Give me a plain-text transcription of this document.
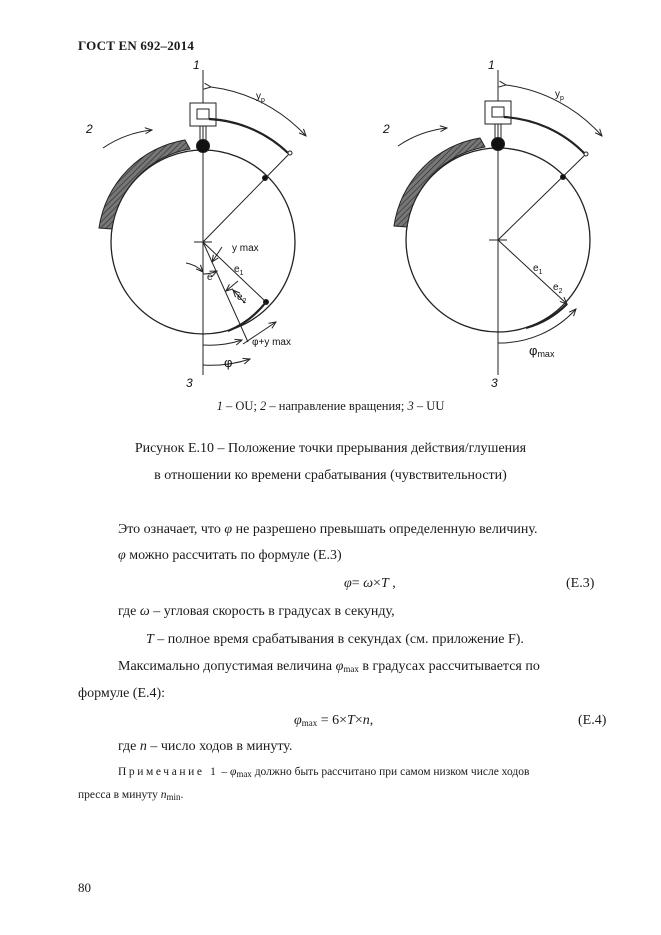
ГОСТ EN 692–2014
1
2
3
$y_p$
y max
e
$e_1$
$e_2$
φ+y max
φ
1
2
3
$y_p$
$e_1$
$e_2$
φmax
1 – OU; 2 – направление вращения; 3 – UU
Рисунок E.10 – Положение точки прерывания действия/глушения
в отношении ко времени срабатывания (чувствительности)
Это означает, что φ не разрешено превышать определенную величину.
φ можно рассчитать по формуле (E.3)
φ= ω×T ,	(E.3)
где ω – угловая скорость в градусах в секунду,
T – полное время срабатывания в секундах (см. приложение F).
Максимально допустимая величина $\varphi_{max}$ в градусах рассчитывается по
формуле (E.4):
$\varphi_{max} = 6\times T\times n$,	(E.4)
где n – число ходов в минуту.
Примечание $1 - \varphi_{max}$ должно быть рассчитано при самом низком числе ходов
пресса в минуту $n_{min}$.
80
